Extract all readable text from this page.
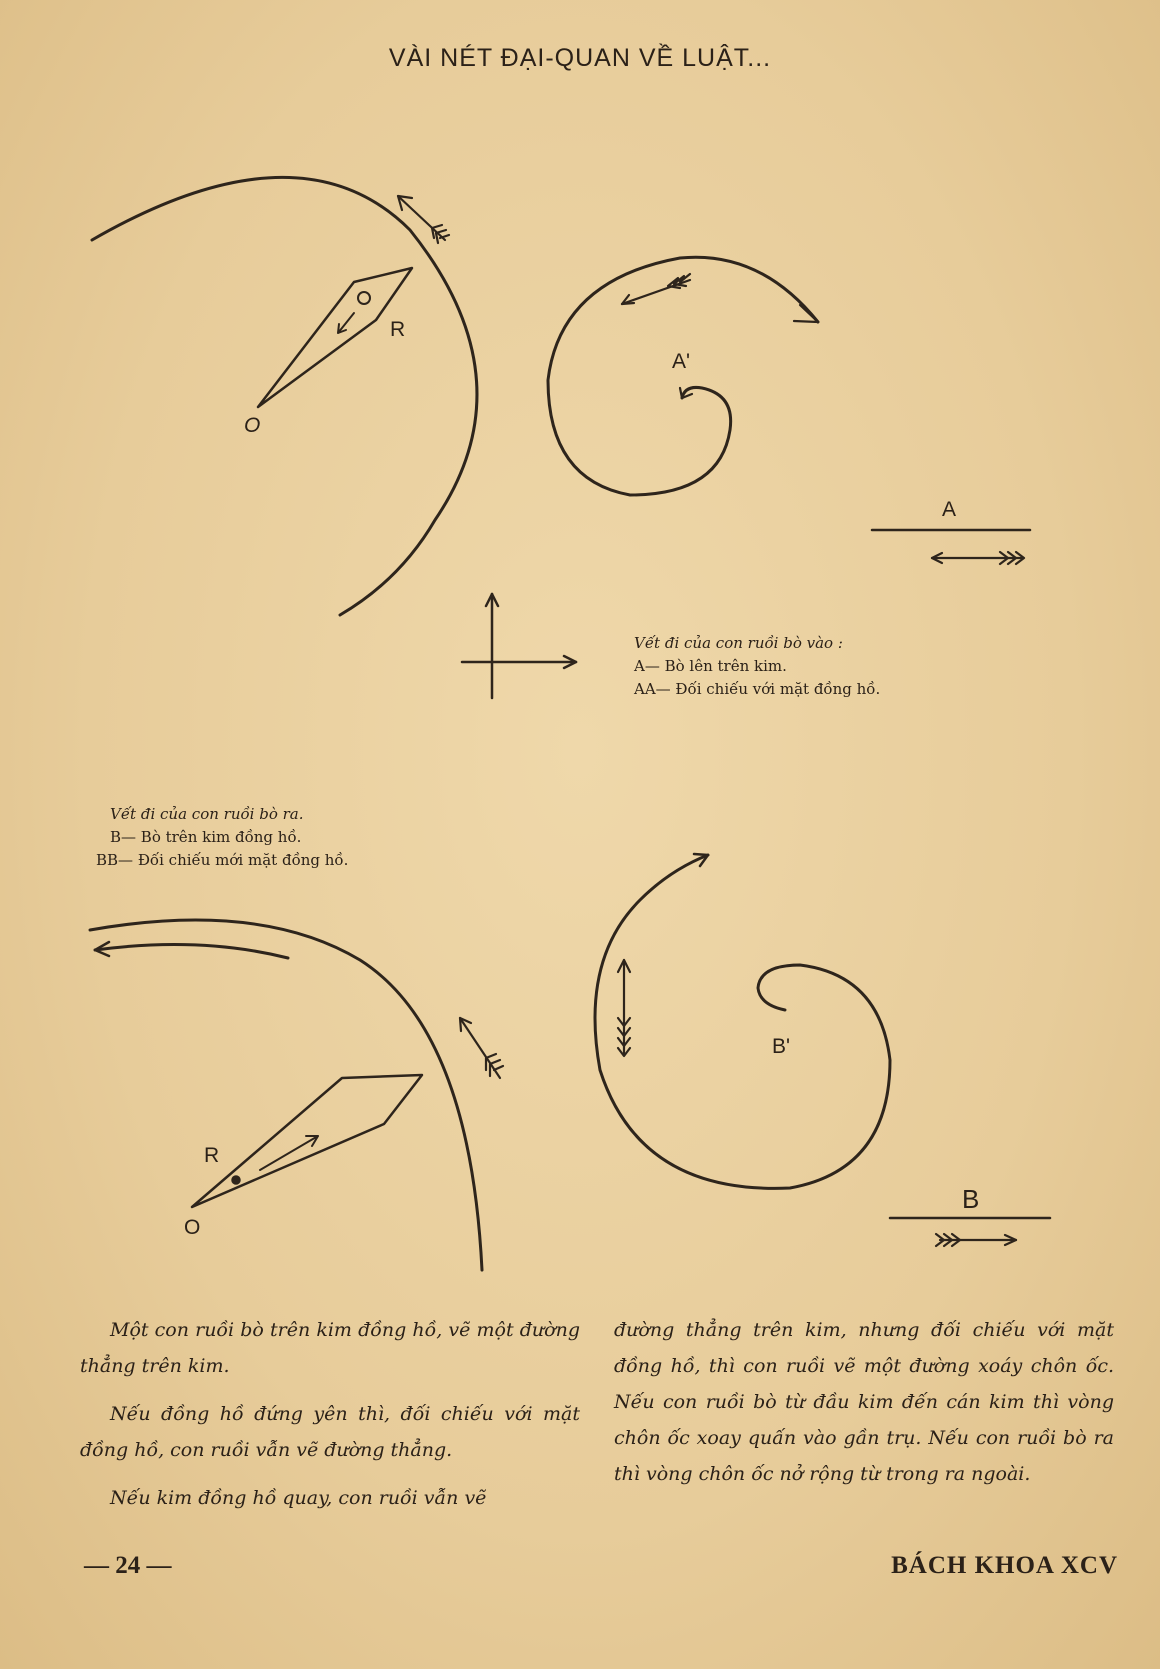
VÀI NÉT ĐẠI-QUAN VỀ LUẬT...
R
O
A'
A
R
O
B'
B
Vết đi của con ruồi bò vào :
A— Bò lên trên kim.
AA— Đối chiếu với mặt đồng hồ.
Vết đi của con ruồi bò ra.
B— Bò trên kim đồng hồ.
BB— Đối chiếu mới mặt đồng hồ.

Một con ruồi bò trên kim đồng hồ, vẽ một đường thẳng trên kim.

Nếu đồng hồ đứng yên thì, đối chiếu với mặt đồng hồ, con ruồi vẫn vẽ đường thẳng.

Nếu kim đồng hồ quay, con ruồi vẫn vẽ

đường thẳng trên kim, nhưng đối chiếu với mặt đồng hồ, thì con ruồi vẽ một đường xoáy chôn ốc. Nếu con ruồi bò từ đầu kim đến cán kim thì vòng chôn ốc xoay quấn vào gần trụ. Nếu con ruồi bò ra thì vòng chôn ốc nở rộng từ trong ra ngoài.

— 24 —	BÁCH KHOA XCV
